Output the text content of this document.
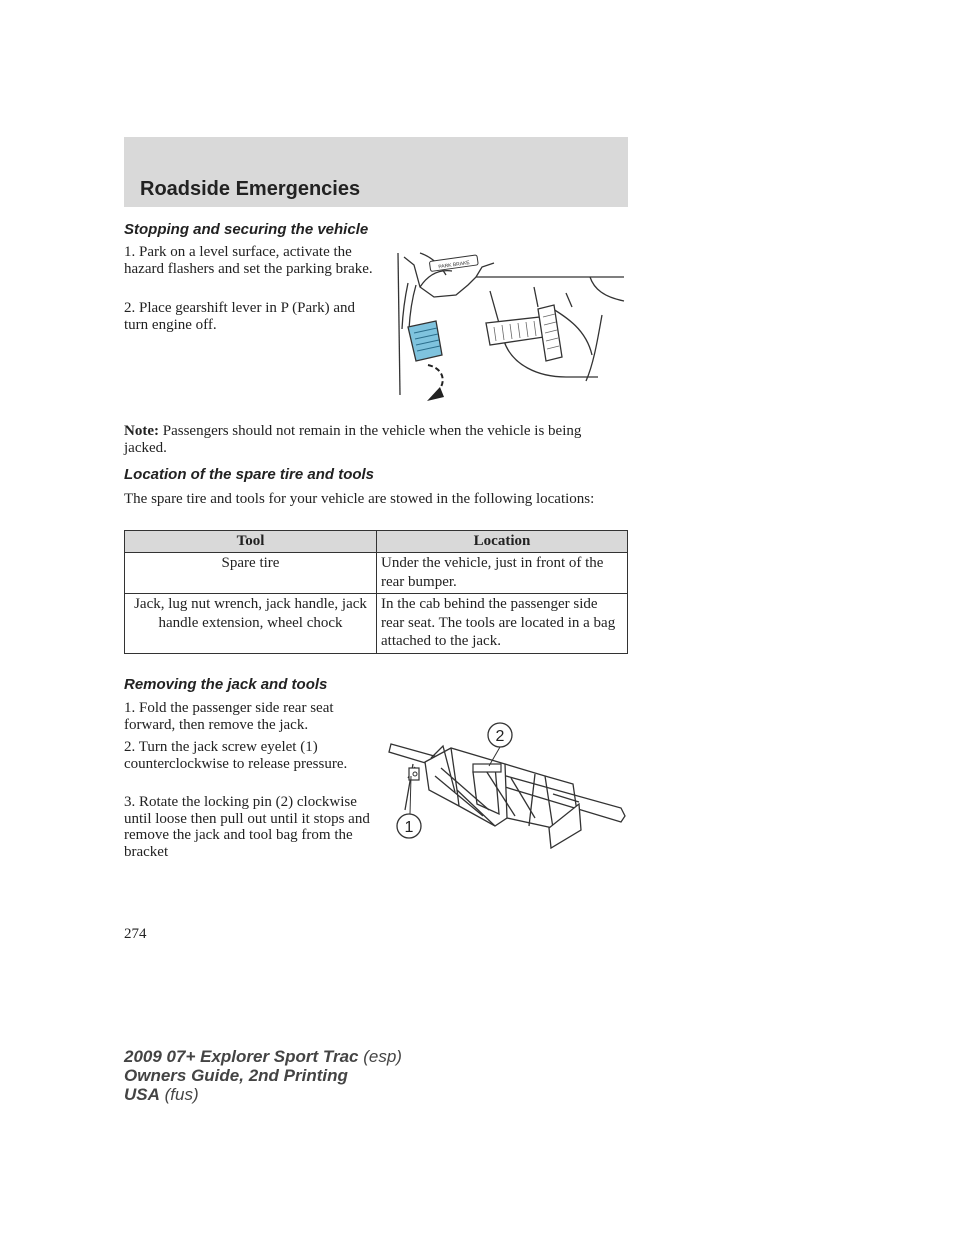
Roadside Emergencies
Stopping and securing the vehicle

1. Park on a level surface, activate the hazard flashers and set the parking brake.

2. Place gearshift lever in P (Park) and turn engine off.

PARK BRAKE

Note: Passengers should not remain in the vehicle when the vehicle is being jacked.

Location of the spare tire and tools

The spare tire and tools for your vehicle are stowed in the following locations:

Tool	Location
Spare tire	Under the vehicle, just in front of the rear bumper.
Jack, lug nut wrench, jack handle, jack handle extension, wheel chock	In the cab behind the passenger side rear seat. The tools are located in a bag attached to the jack.
Removing the jack and tools

1. Fold the passenger side rear seat forward, then remove the jack.

2. Turn the jack screw eyelet (1) counterclockwise to release pressure.

3. Rotate the locking pin (2) clockwise until loose then pull out until it stops and remove the jack and tool bag from the bracket

2
1

274

2009 07+ Explorer Sport Trac (esp)
Owners Guide, 2nd Printing
USA (fus)
